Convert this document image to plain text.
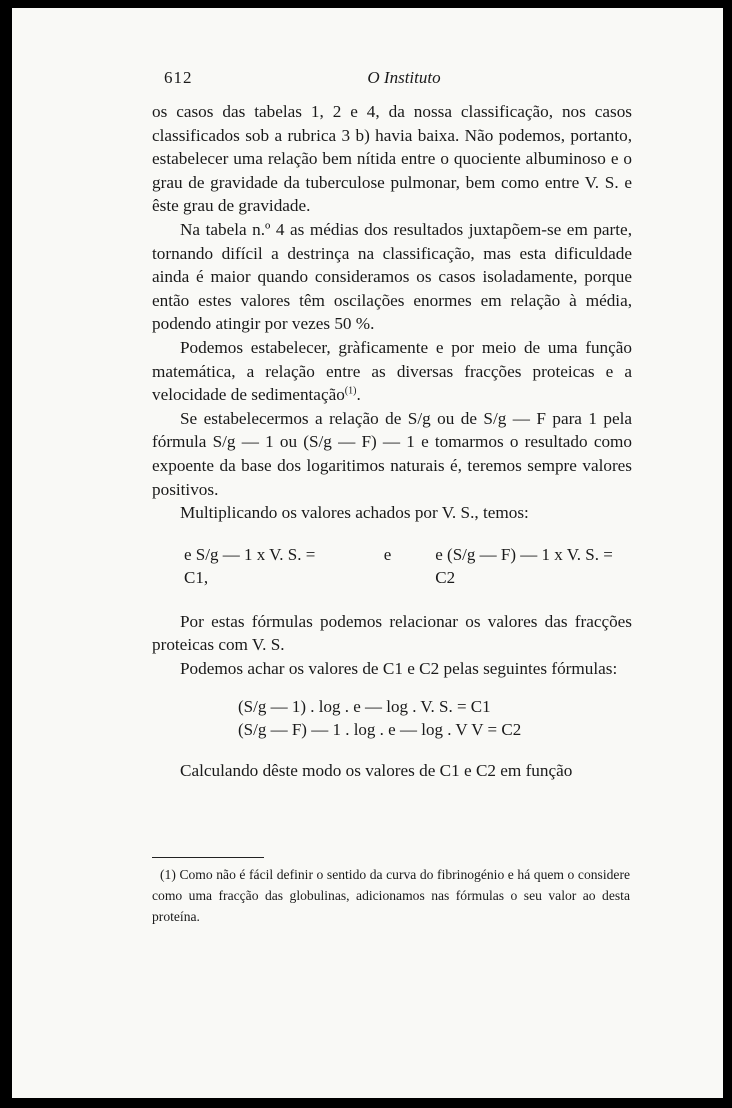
612	O Instituto

os casos das tabelas 1, 2 e 4, da nossa classificação, nos casos classificados sob a rubrica 3 b) havia baixa. Não podemos, portanto, estabelecer uma relação bem nítida entre o quociente albuminoso e o grau de gravidade da tuberculose pulmonar, bem como entre V. S. e êste grau de gravidade.

Na tabela n.º 4 as médias dos resultados juxtapõem-se em parte, tornando difícil a destrinça na classificação, mas esta dificuldade ainda é maior quando consideramos os casos isoladamente, porque então estes valores têm oscilações enormes em relação à média, podendo atingir por vezes 50 %.

Podemos estabelecer, gràficamente e por meio de uma função matemática, a relação entre as diversas fracções proteicas e a velocidade de sedimentação$^{(1)}$.

Se estabelecermos a relação de S/g ou de S/g — F para 1 pela fórmula S/g — 1 ou (S/g — F) — 1 e tomarmos o resultado como expoente da base dos logaritimos naturais é, teremos sempre valores positivos.

Multiplicando os valores achados por V. S., temos:

e S/g — 1 x V. S. = C1,
e	e (S/g — F) — 1 x V. S. = C2

Por estas fórmulas podemos relacionar os valores das fracções proteicas com V. S.

Podemos achar os valores de C1 e C2 pelas seguintes fórmulas:

(S/g — 1) . log . e — log . V. S. = C1
(S/g — F) — 1 . log . e — log . V V = C2

Calculando dêste modo os valores de C1 e C2 em função

(1) Como não é fácil definir o sentido da curva do fibrinogénio e há quem o considere como uma fracção das globulinas, adicionamos nas fórmulas o seu valor ao desta proteína.
